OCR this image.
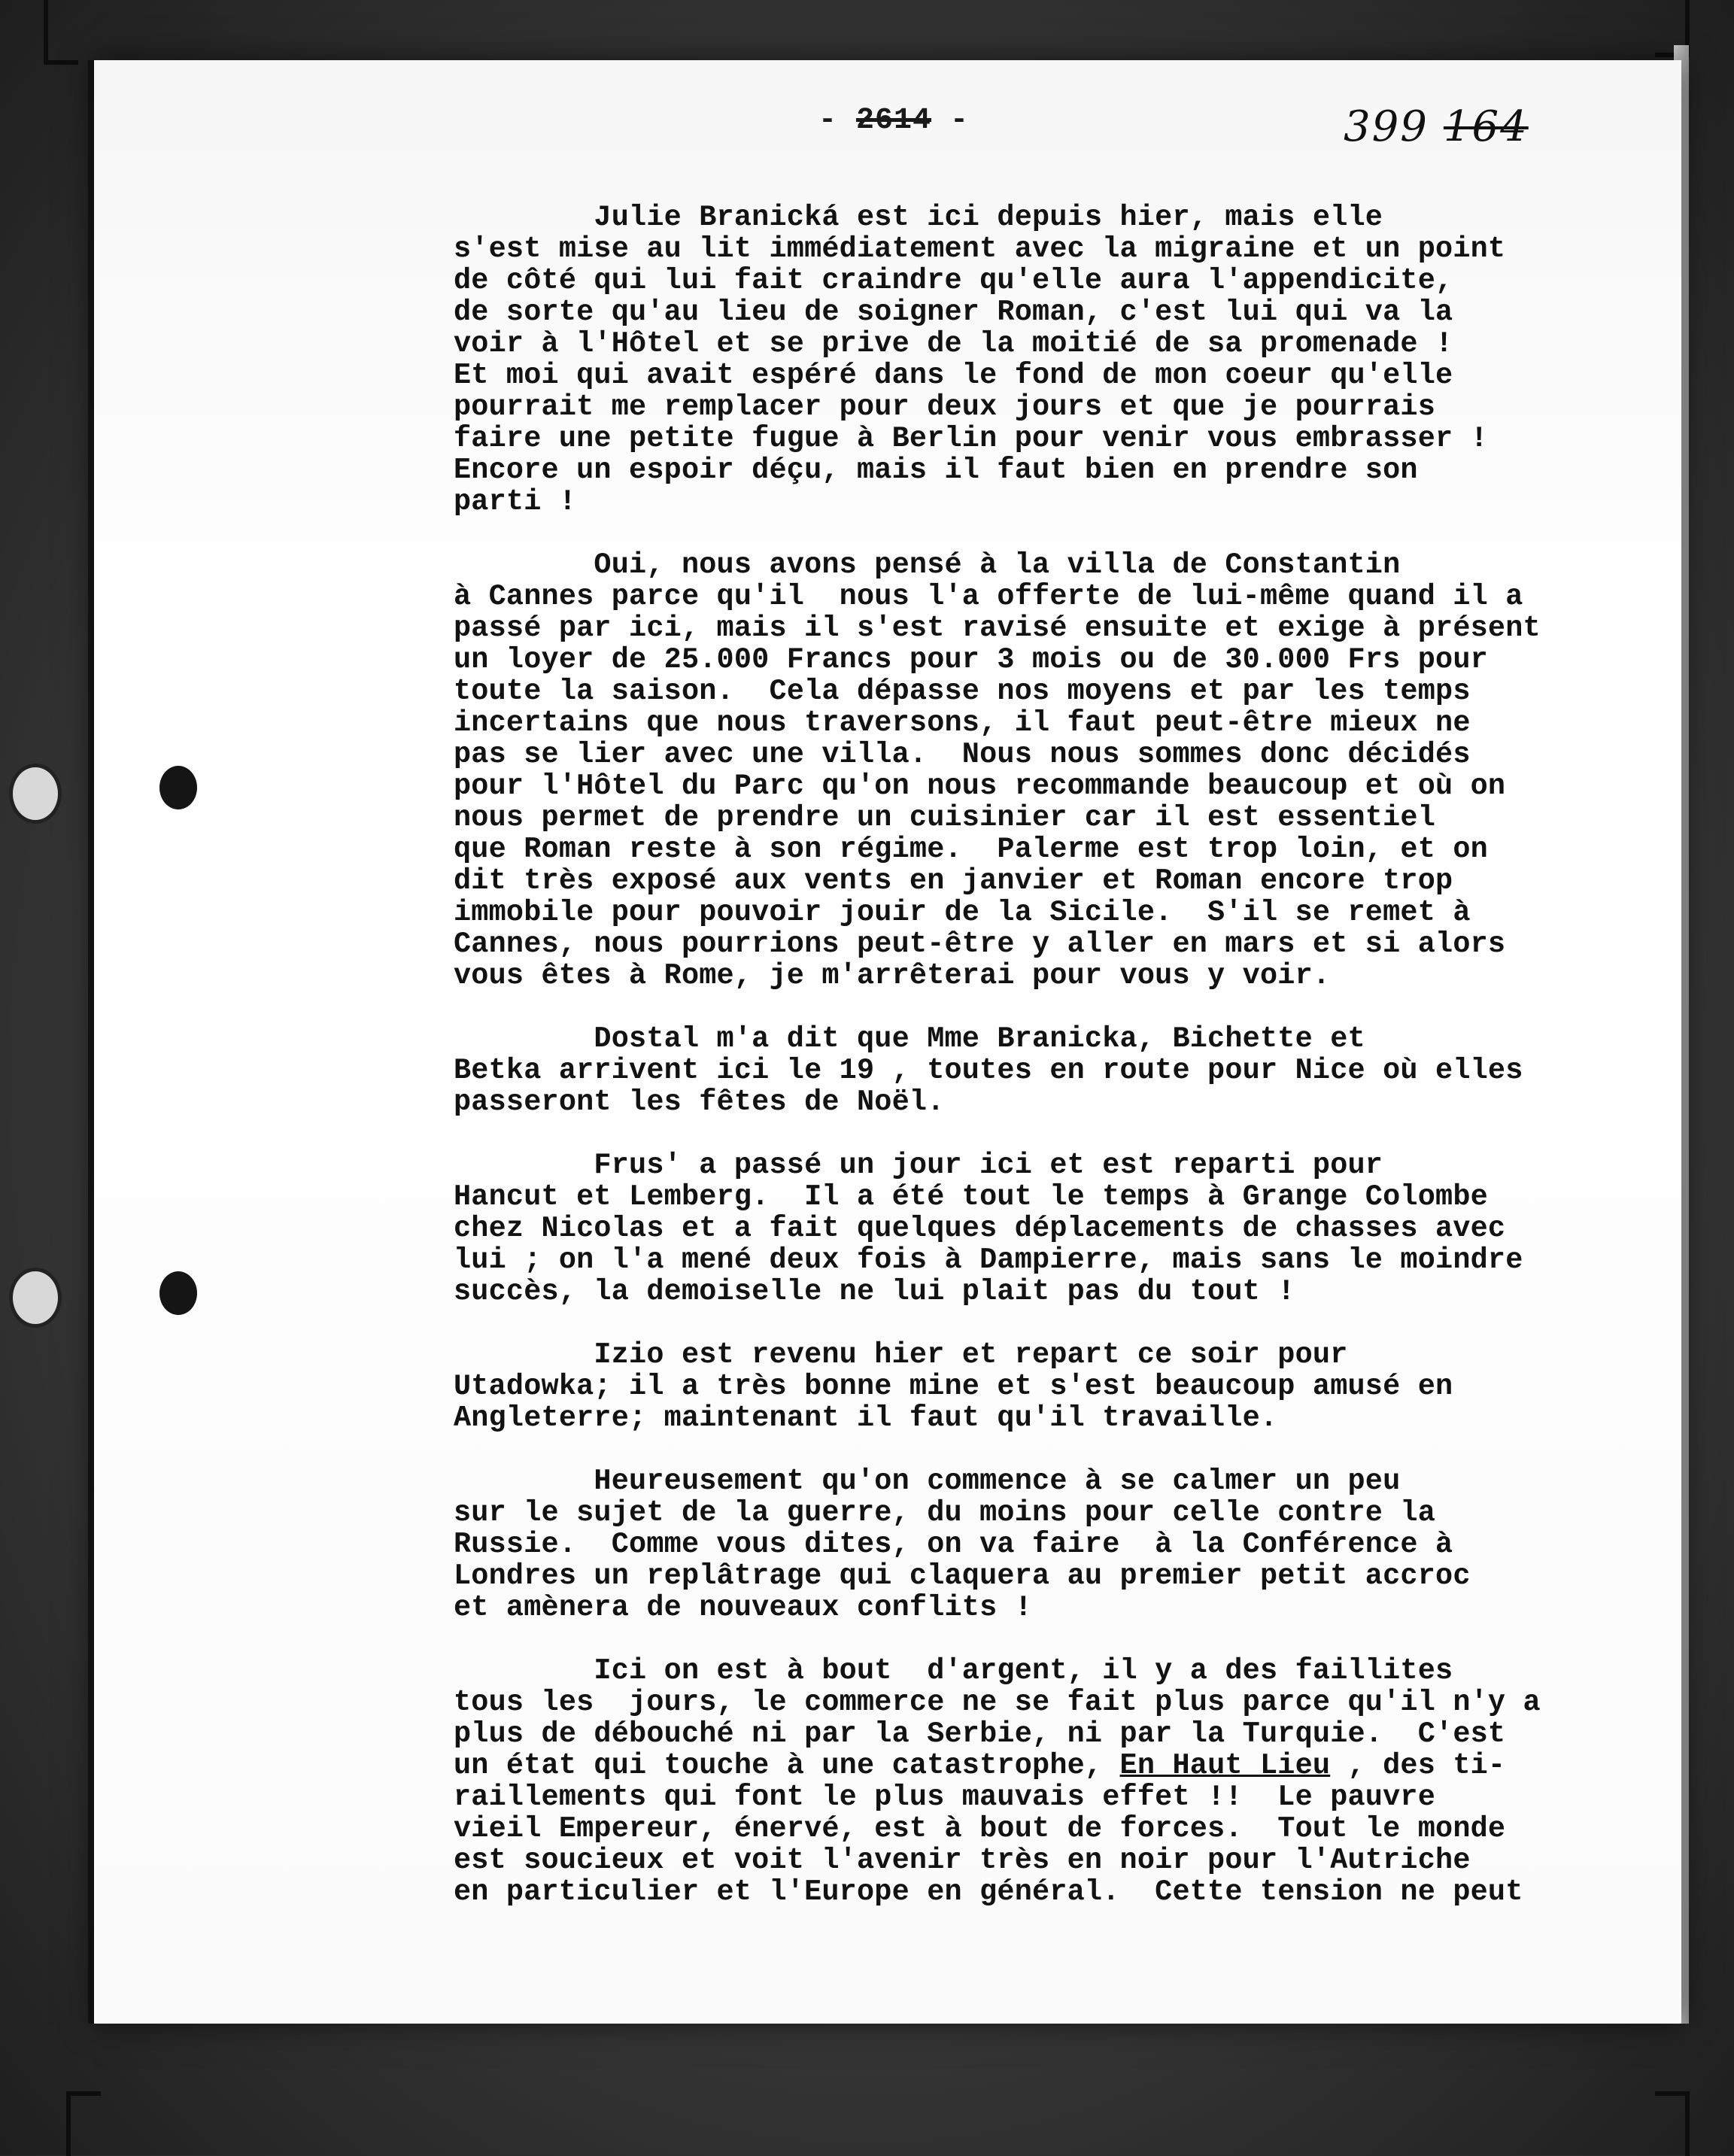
- 2614 -	399 164
Julie Branická est ici depuis hier, mais elle
s'est mise au lit immédiatement avec la migraine et un point
de côté qui lui fait craindre qu'elle aura l'appendicite,
de sorte qu'au lieu de soigner Roman, c'est lui qui va la
voir à l'Hôtel et se prive de la moitié de sa promenade !
Et moi qui avait espéré dans le fond de mon coeur qu'elle
pourrait me remplacer pour deux jours et que je pourrais
faire une petite fugue à Berlin pour venir vous embrasser !
Encore un espoir déçu, mais il faut bien en prendre son
parti !
Oui, nous avons pensé à la villa de Constantin
à Cannes parce qu'il  nous l'a offerte de lui-même quand il a
passé par ici, mais il s'est ravisé ensuite et exige à présent
un loyer de 25.000 Francs pour 3 mois ou de 30.000 Frs pour
toute la saison.  Cela dépasse nos moyens et par les temps
incertains que nous traversons, il faut peut-être mieux ne
pas se lier avec une villa.  Nous nous sommes donc décidés
pour l'Hôtel du Parc qu'on nous recommande beaucoup et où on
nous permet de prendre un cuisinier car il est essentiel
que Roman reste à son régime.  Palerme est trop loin, et on
dit très exposé aux vents en janvier et Roman encore trop
immobile pour pouvoir jouir de la Sicile.  S'il se remet à
Cannes, nous pourrions peut-être y aller en mars et si alors
vous êtes à Rome, je m'arrêterai pour vous y voir.
Dostal m'a dit que Mme Branicka, Bichette et
Betka arrivent ici le 19 , toutes en route pour Nice où elles
passeront les fêtes de Noël.
Frus' a passé un jour ici et est reparti pour
Hancut et Lemberg.  Il a été tout le temps à Grange Colombe
chez Nicolas et a fait quelques déplacements de chasses avec
lui ; on l'a mené deux fois à Dampierre, mais sans le moindre
succès, la demoiselle ne lui plait pas du tout !
Izio est revenu hier et repart ce soir pour
Utadowka; il a très bonne mine et s'est beaucoup amusé en
Angleterre; maintenant il faut qu'il travaille.
Heureusement qu'on commence à se calmer un peu
sur le sujet de la guerre, du moins pour celle contre la
Russie.  Comme vous dites, on va faire  à la Conférence à
Londres un replâtrage qui claquera au premier petit accroc
et amènera de nouveaux conflits !
Ici on est à bout  d'argent, il y a des faillites
tous les  jours, le commerce ne se fait plus parce qu'il n'y a
plus de débouché ni par la Serbie, ni par la Turquie.  C'est
un état qui touche à une catastrophe, En Haut Lieu , des ti-
raillements qui font le plus mauvais effet !!  Le pauvre
vieil Empereur, énervé, est à bout de forces.  Tout le monde
est soucieux et voit l'avenir très en noir pour l'Autriche
en particulier et l'Europe en général.  Cette tension ne peut
